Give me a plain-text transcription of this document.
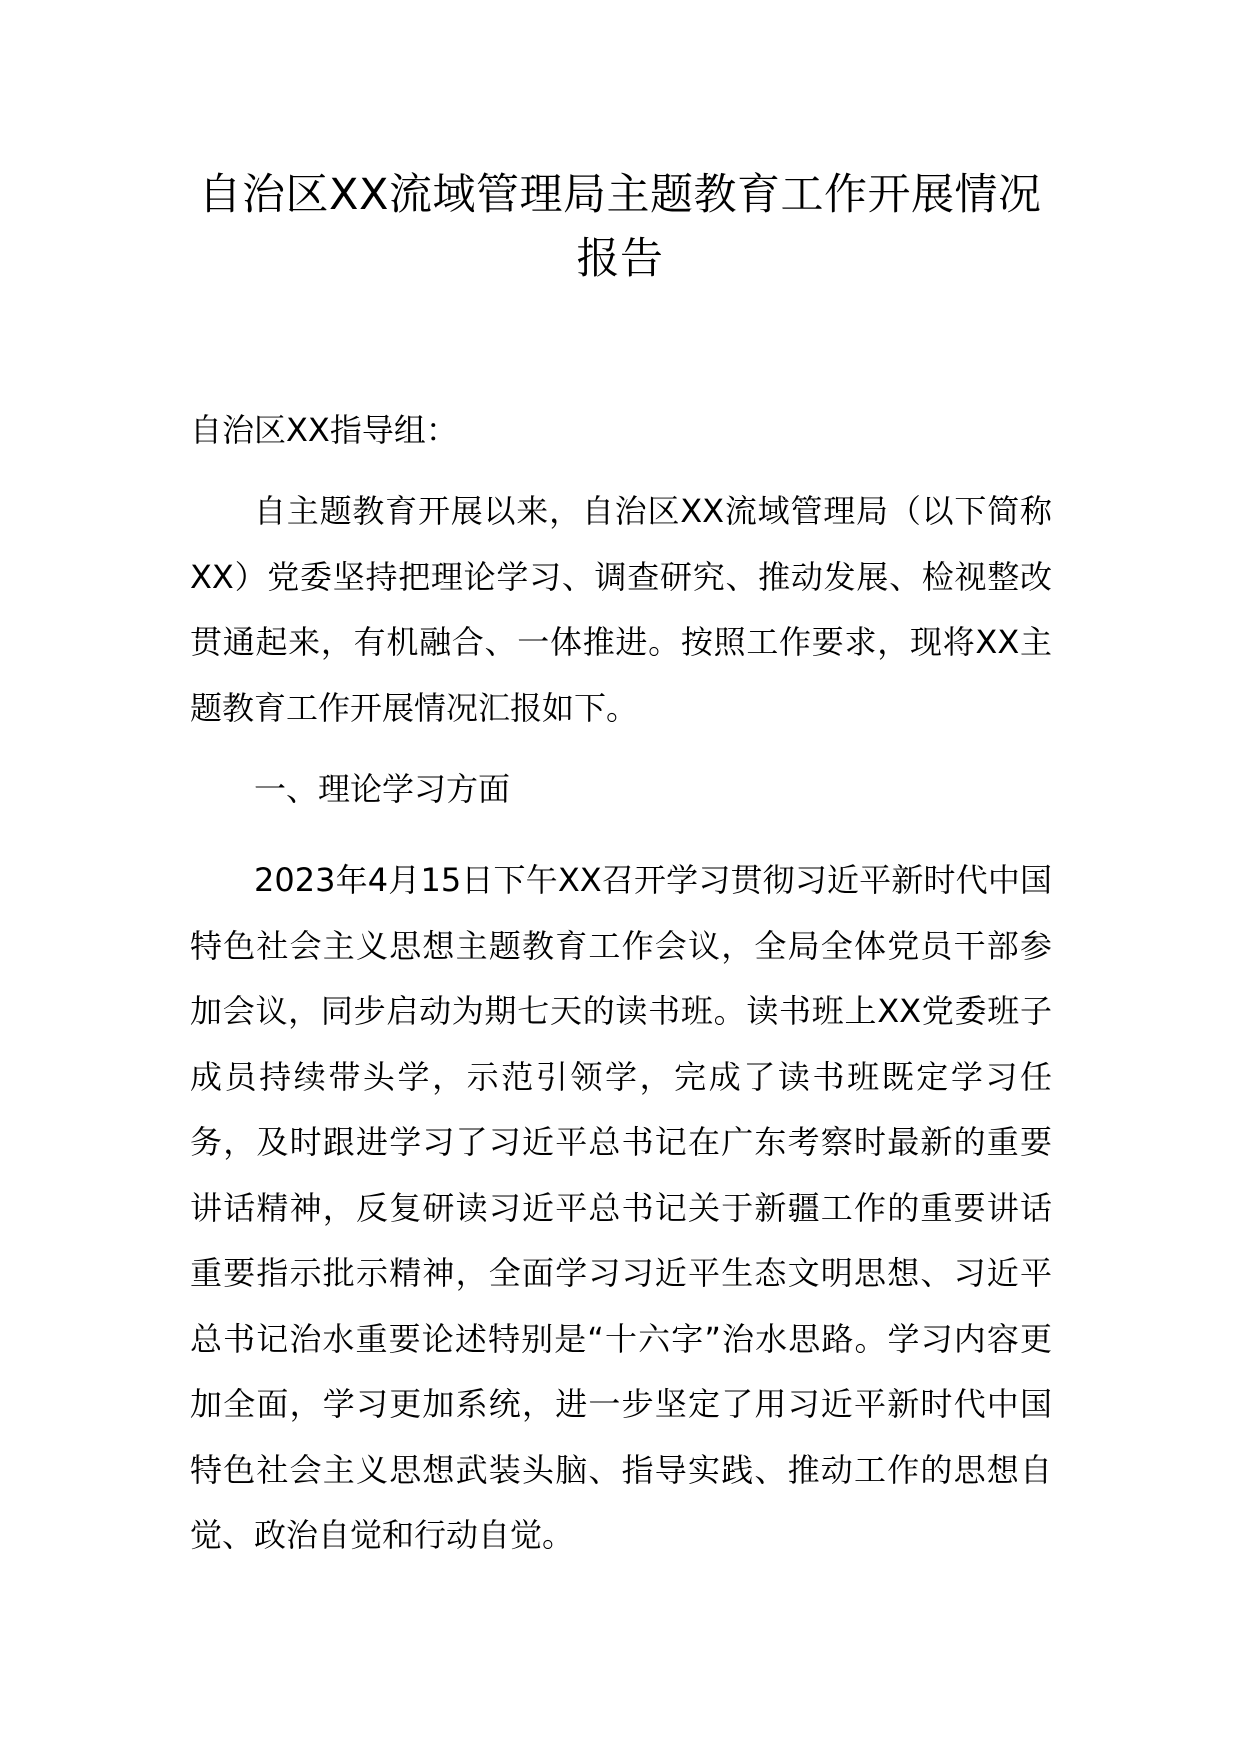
自治区XX流域管理局主题教育工作开展情况报告

自治区XX指导组：

自主题教育开展以来，自治区XX流域管理局（以下简称XX）党委坚持把理论学习、调查研究、推动发展、检视整改贯通起来，有机融合、一体推进。按照工作要求，现将XX主题教育工作开展情况汇报如下。

一、理论学习方面

2023年4月15日下午XX召开学习贯彻习近平新时代中国特色社会主义思想主题教育工作会议，全局全体党员干部参加会议，同步启动为期七天的读书班。读书班上XX党委班子成员持续带头学，示范引领学，完成了读书班既定学习任务，及时跟进学习了习近平总书记在广东考察时最新的重要讲话精神，反复研读习近平总书记关于新疆工作的重要讲话重要指示批示精神，全面学习习近平生态文明思想、习近平总书记治水重要论述特别是“十六字”治水思路。学习内容更加全面，学习更加系统，进一步坚定了用习近平新时代中国特色社会主义思想武装头脑、指导实践、推动工作的思想自觉、政治自觉和行动自觉。
